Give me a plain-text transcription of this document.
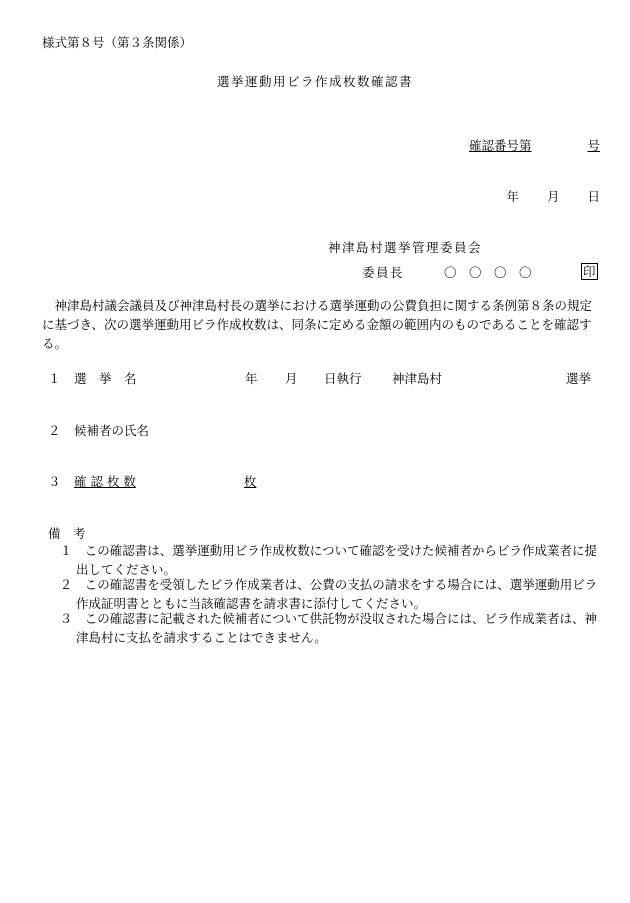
様式第８号（第３条関係）
選挙運動用ビラ作成枚数確認書
確認番号第	号
年 月 日
神津島村選挙管理委員会
委員長	〇　〇　〇　〇	印
神津島村議会議員及び神津島村長の選挙における選挙運動の公費負担に関する条例第８条の規定に基づき、次の選挙運動用ビラ作成枚数は、同条に定める金額の範囲内のものであることを確認する。
１ 選　挙　名	年 月 日執行 神津島村	選挙
２ 候補者の氏名
３ 確 認 枚 数	枚
備　考
１　 この確認書は、選挙運動用ビラ作成枚数について確認を受けた候補者からビラ作成業者に提出してください。
２　 この確認書を受領したビラ作成業者は、公費の支払の請求をする場合には、選挙運動用ビラ作成証明書とともに当該確認書を請求書に添付してください。
３　 この確認書に記載された候補者について供託物が没収された場合には、ビラ作成業者は、神津島村に支払を請求することはできません。
